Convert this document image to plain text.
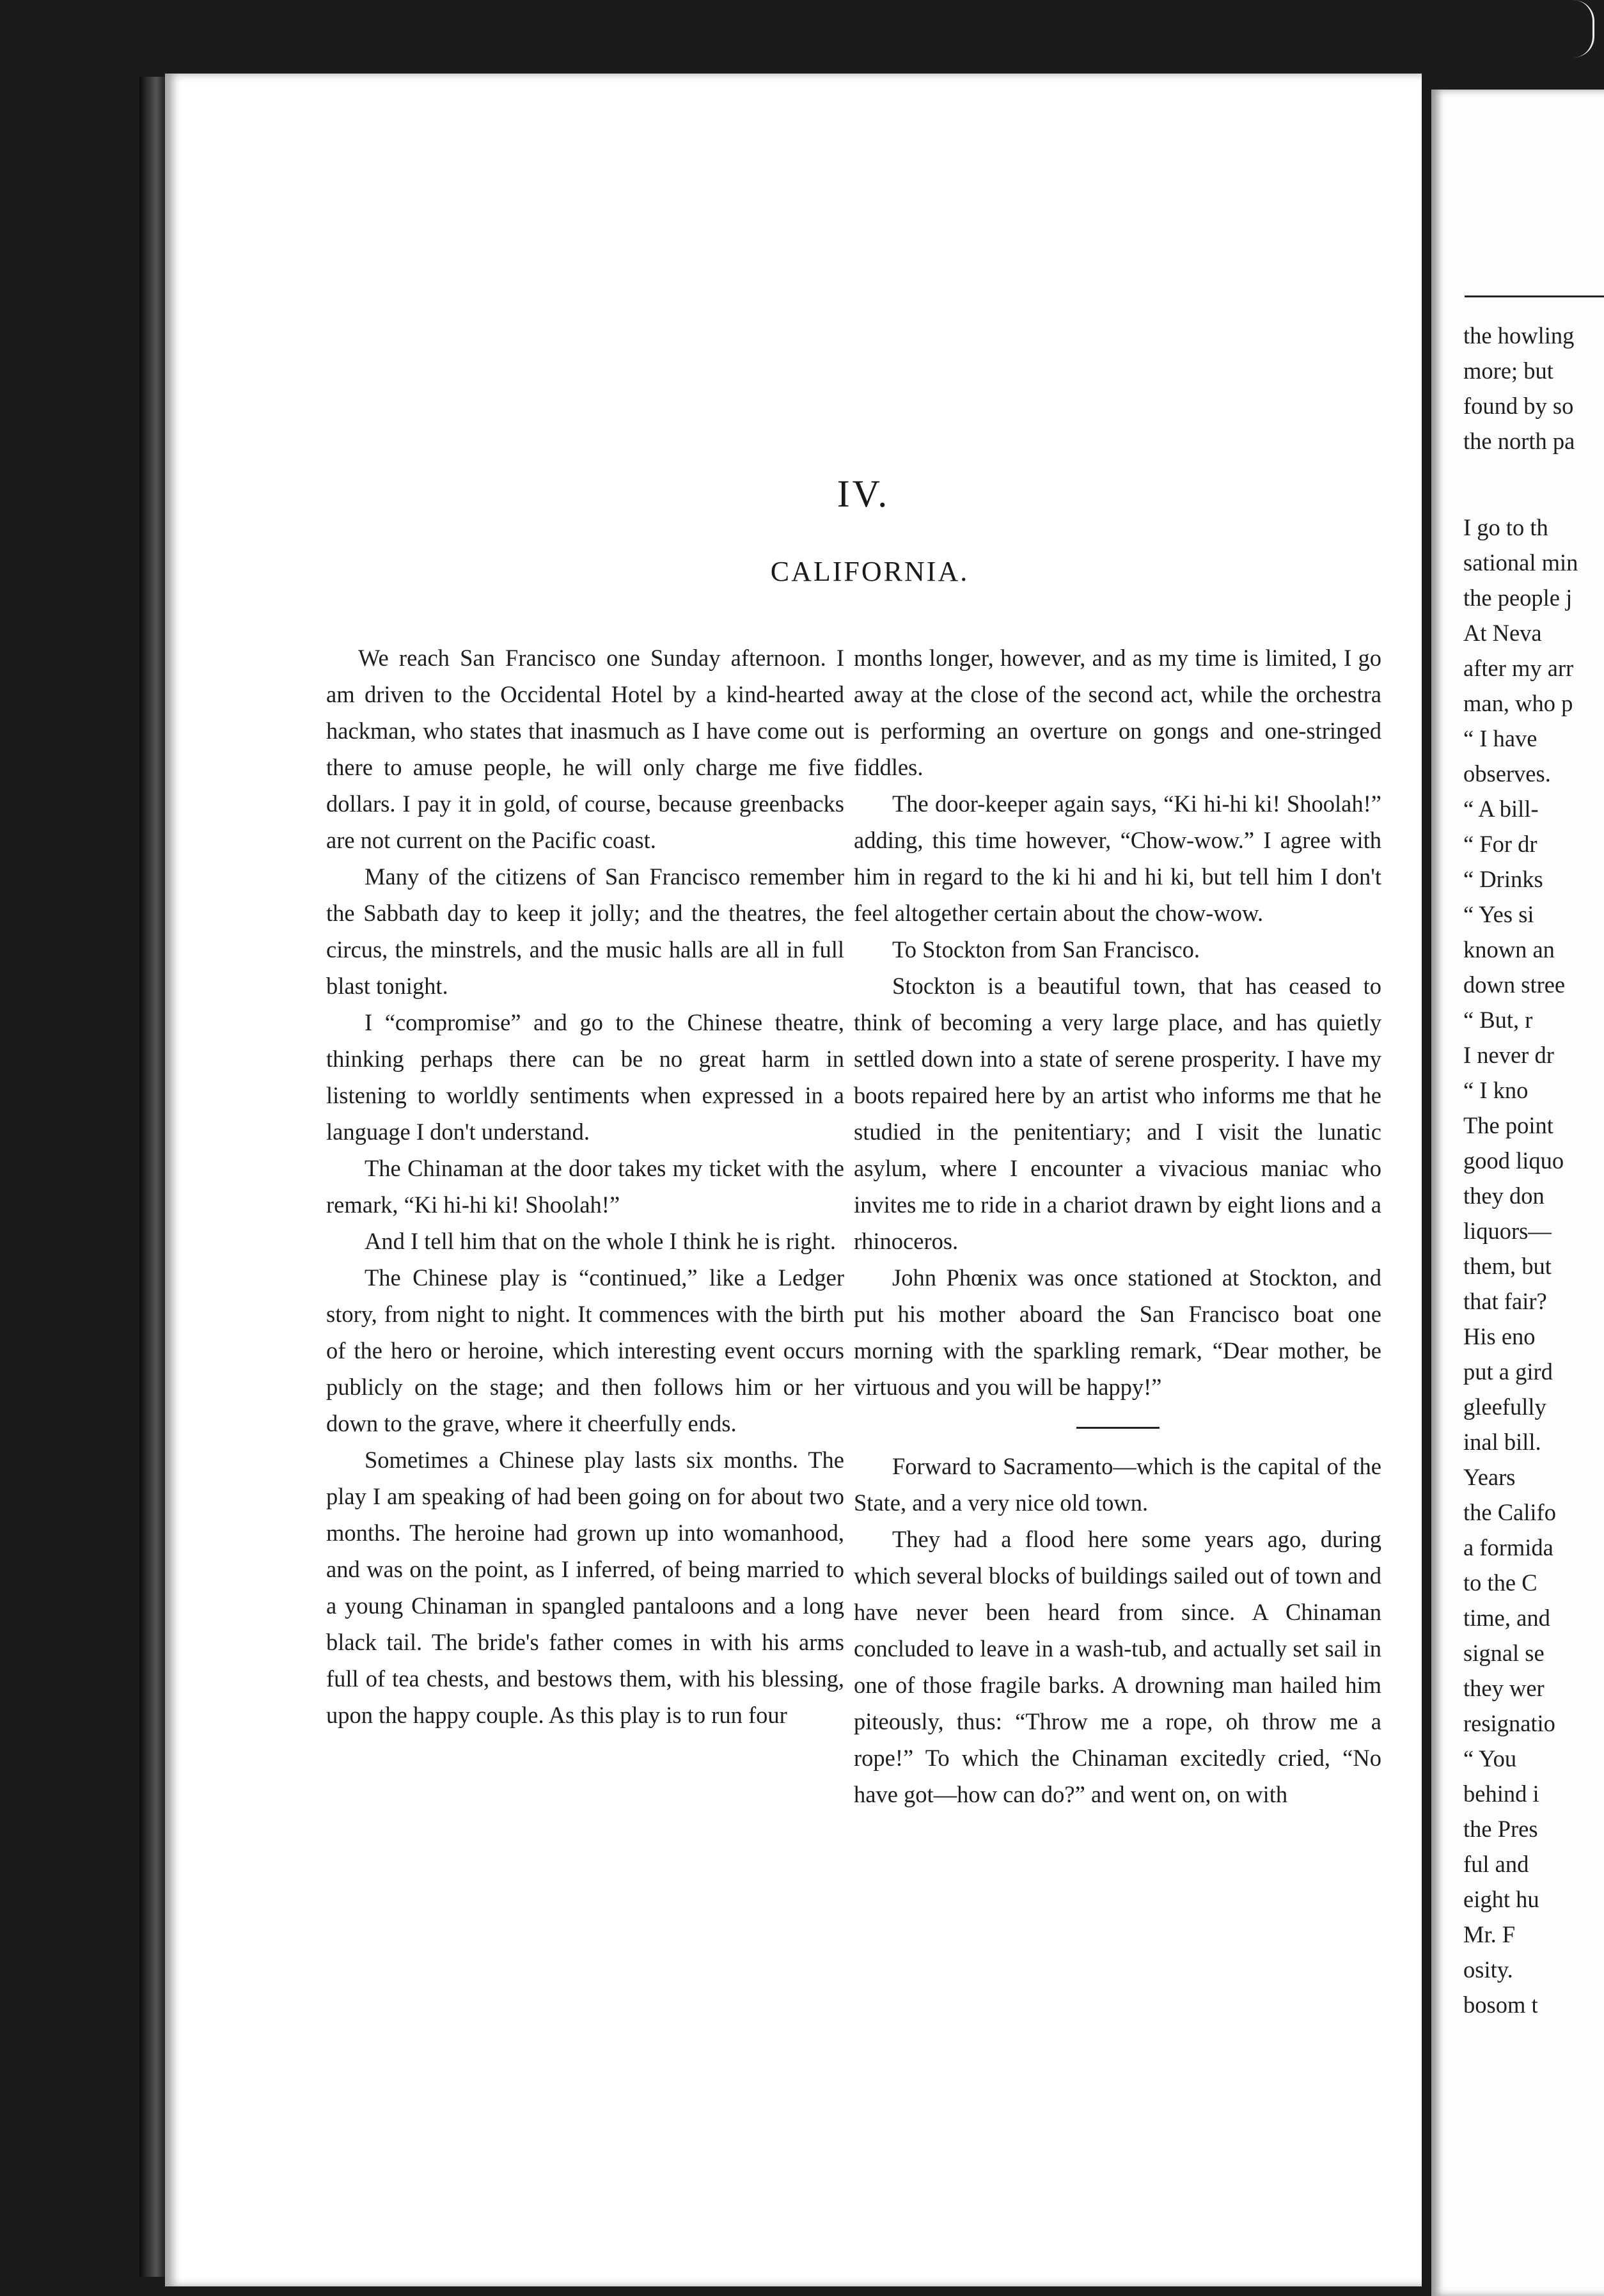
IV.
CALIFORNIA.

We reach San Francisco one Sunday afternoon. I am driven to the Occidental Hotel by a kind-hearted hackman, who states that inasmuch as I have come out there to amuse people, he will only charge me five dollars. I pay it in gold, of course, because greenbacks are not current on the Pacific coast.

Many of the citizens of San Francisco remember the Sabbath day to keep it jolly; and the theatres, the circus, the minstrels, and the music halls are all in full blast tonight.

I “compromise” and go to the Chinese theatre, thinking perhaps there can be no great harm in listening to worldly sentiments when expressed in a language I don't understand.

The Chinaman at the door takes my ticket with the remark, “Ki hi-hi ki! Shoolah!”

And I tell him that on the whole I think he is right.

The Chinese play is “continued,” like a Ledger story, from night to night. It commences with the birth of the hero or heroine, which interesting event occurs publicly on the stage; and then follows him or her down to the grave, where it cheerfully ends.

Sometimes a Chinese play lasts six months. The play I am speaking of had been going on for about two months. The heroine had grown up into womanhood, and was on the point, as I inferred, of being married to a young Chinaman in spangled pantaloons and a long black tail. The bride's father comes in with his arms full of tea chests, and bestows them, with his blessing, upon the happy couple. As this play is to run four

months longer, however, and as my time is limited, I go away at the close of the second act, while the orchestra is performing an overture on gongs and one-stringed fiddles.

The door-keeper again says, “Ki hi-hi ki! Shoolah!” adding, this time however, “Chow-wow.” I agree with him in regard to the ki hi and hi ki, but tell him I don't feel altogether certain about the chow-wow.

To Stockton from San Francisco.

Stockton is a beautiful town, that has ceased to think of becoming a very large place, and has quietly settled down into a state of serene prosperity. I have my boots repaired here by an artist who informs me that he studied in the penitentiary; and I visit the lunatic asylum, where I encounter a vivacious maniac who invites me to ride in a chariot drawn by eight lions and a rhinoceros.

John Phœnix was once stationed at Stockton, and put his mother aboard the San Francisco boat one morning with the sparkling remark, “Dear mother, be virtuous and you will be happy!”

Forward to Sacramento—which is the capital of the State, and a very nice old town.

They had a flood here some years ago, during which several blocks of buildings sailed out of town and have never been heard from since. A Chinaman concluded to leave in a wash-tub, and actually set sail in one of those fragile barks. A drowning man hailed him piteously, thus: “Throw me a rope, oh throw me a rope!” To which the Chinaman excitedly cried, “No have got—how can do?” and went on, on with

the howling
more; but
found by so
the north pa
I go to th
sational min
the people j
At Neva
after my arr
man, who p
“ I have
observes.
“ A bill-
“ For dr
“ Drinks
“ Yes si
known an
down stree
“ But, r
I never dr
“ I kno
The point
good liquo
they don
liquors—
them, but
that fair?
His eno
put a gird
gleefully
inal bill.
Years
the Califo
a formida
to the C
time, and
signal se
they wer
resignatio
“ You
behind i
the Pres
ful and
eight hu
Mr. F
osity.
bosom t
